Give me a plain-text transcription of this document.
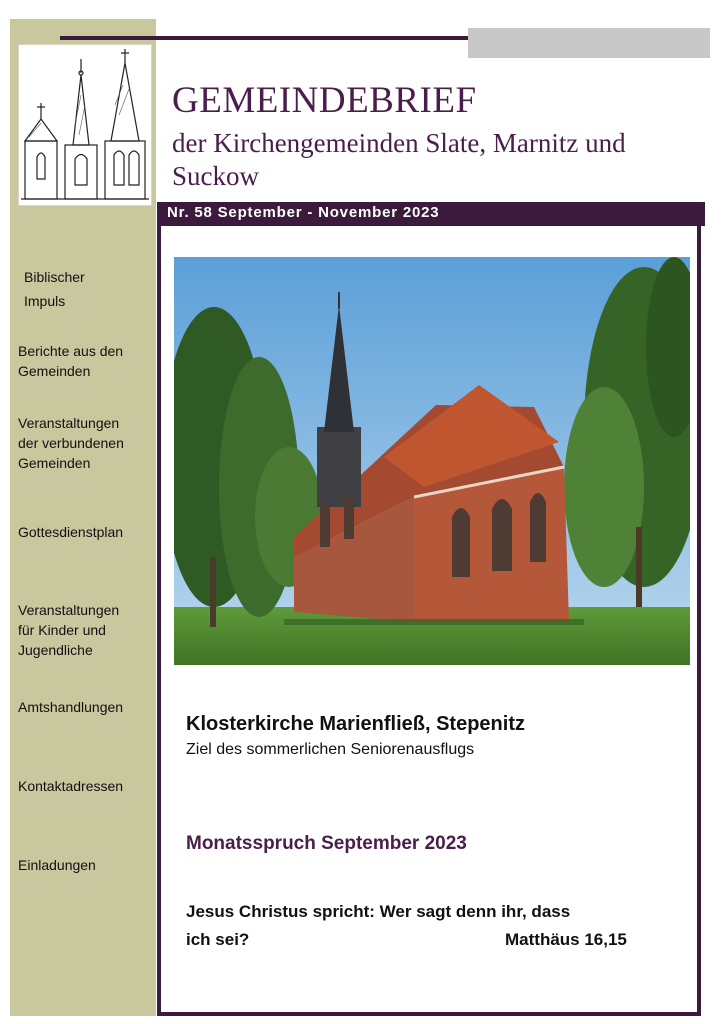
Biblischer
Impuls
Berichte aus den
Gemeinden
Veranstaltungen
der verbundenen
Gemeinden
Gottesdienstplan
Veranstaltungen
für Kinder und
Jugendliche
Amtshandlungen
Kontaktadressen
Einladungen
GEMEINDEBRIEF
der Kirchengemeinden Slate, Marnitz und Suckow
Nr. 58 September - November 2023
Klosterkirche Marienfließ, Stepenitz
Ziel des sommerlichen Seniorenausflugs
Monatsspruch September 2023
Jesus Christus spricht: Wer sagt denn ihr, dass
ich sei?	Matthäus 16,15
